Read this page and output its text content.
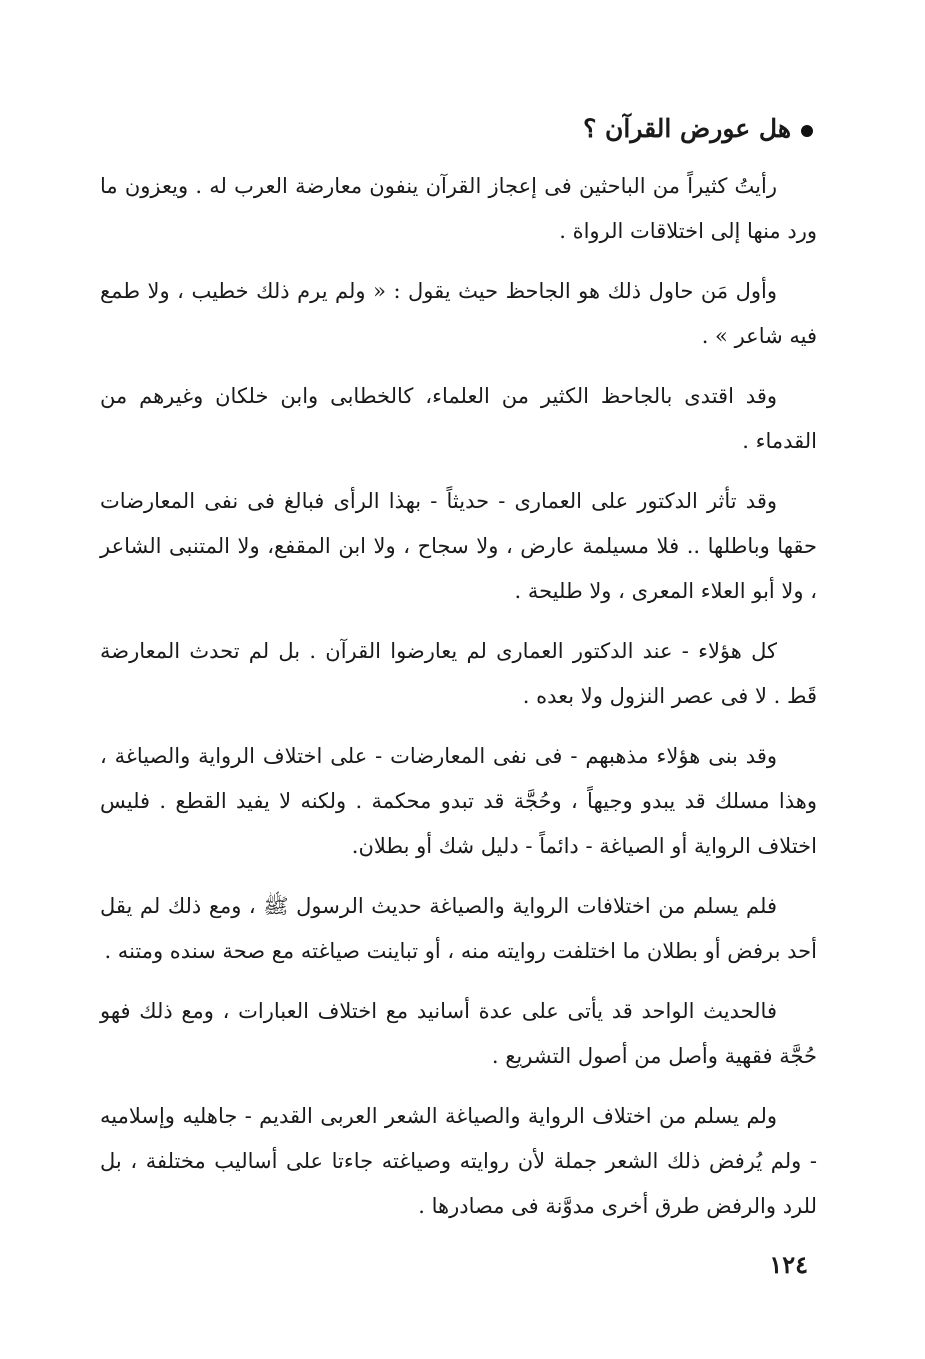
هل عورض القرآن ؟

رأيتُ كثيراً من الباحثين فى إعجاز القرآن ينفون معارضة العرب له . ويعزون ما ورد منها إلى اختلاقات الرواة .

وأول مَن حاول ذلك هو الجاحظ حيث يقول : « ولم يرم ذلك خطيب ، ولا طمع فيه شاعر » .

وقد اقتدى بالجاحظ الكثير من العلماء، كالخطابى وابن خلكان وغيرهم من القدماء .

وقد تأثر الدكتور على العمارى - حديثاً - بهذا الرأى فبالغ فى نفى المعارضات حقها وباطلها .. فلا مسيلمة عارض ، ولا سجاح ، ولا ابن المقفع، ولا المتنبى الشاعر ، ولا أبو العلاء المعرى ، ولا طليحة .

كل هؤلاء - عند الدكتور العمارى لم يعارضوا القرآن . بل لم تحدث المعارضة قَط . لا فى عصر النزول ولا بعده .

وقد بنى هؤلاء مذهبهم - فى نفى المعارضات - على اختلاف الرواية والصياغة ، وهذا مسلك قد يبدو وجيهاً ، وحُجَّة قد تبدو محكمة . ولكنه لا يفيد القطع . فليس اختلاف الرواية أو الصياغة - دائماً - دليل شك أو بطلان.

فلم يسلم من اختلافات الرواية والصياغة حديث الرسول ﷺ ، ومع ذلك لم يقل أحد برفض أو بطلان ما اختلفت روايته منه ، أو تباينت صياغته مع صحة سنده ومتنه .

فالحديث الواحد قد يأتى على عدة أسانيد مع اختلاف العبارات ، ومع ذلك فهو حُجَّة فقهية وأصل من أصول التشريع .

ولم يسلم من اختلاف الرواية والصياغة الشعر العربى القديم - جاهليه وإسلاميه - ولم يُرفض ذلك الشعر جملة لأن روايته وصياغته جاءتا على أساليب مختلفة ، بل للرد والرفض طرق أخرى مدوَّنة فى مصادرها .

١٢٤
